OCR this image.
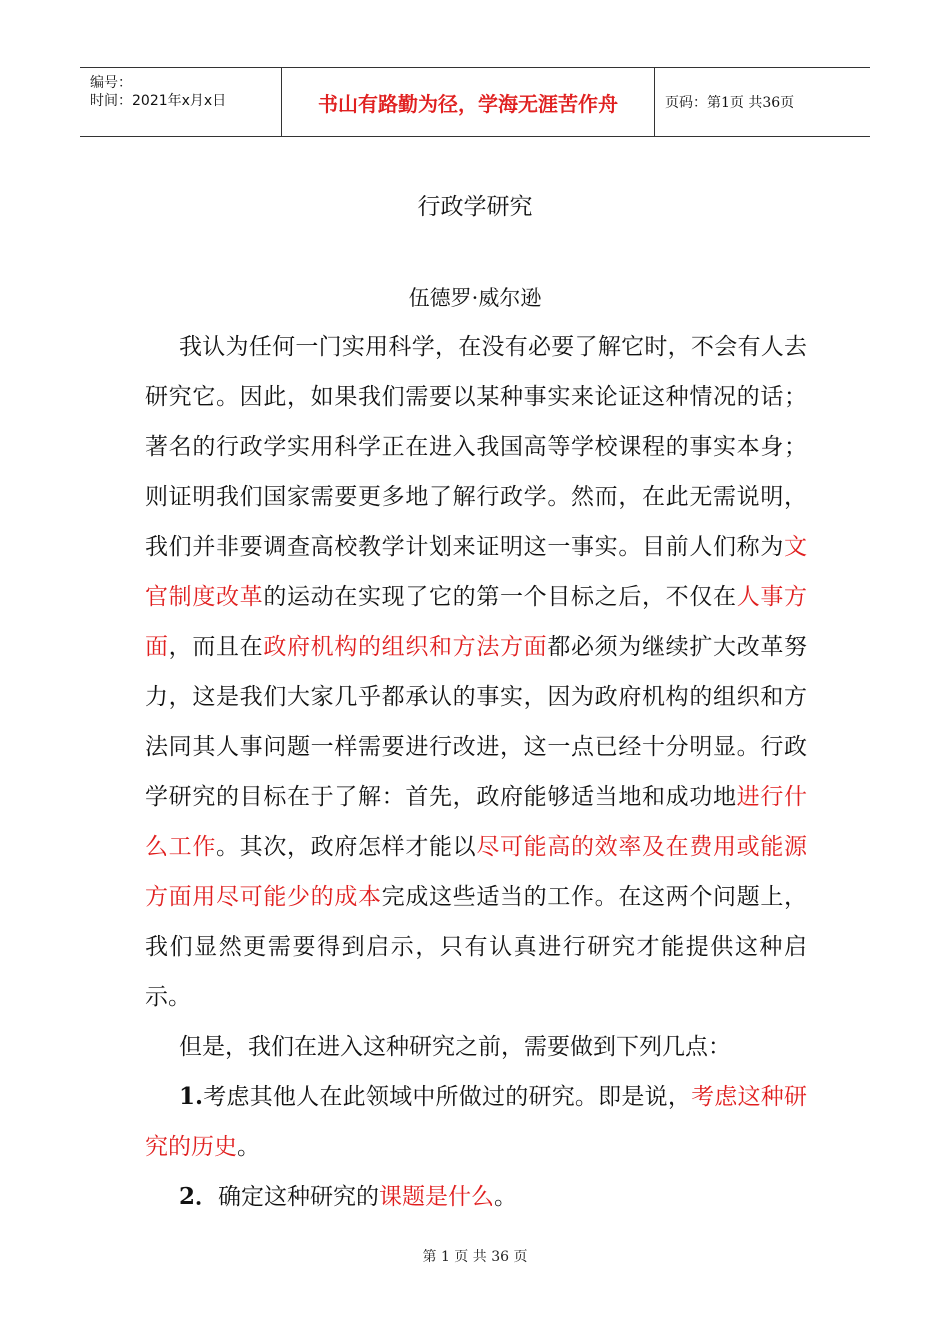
编号：
时间：2021年x月x日	书山有路勤为径，学海无涯苦作舟	页码：第1页 共36页
行政学研究
伍德罗·威尔逊

我认为任何一门实用科学，在没有必要了解它时，不会有人去研究它。因此，如果我们需要以某种事实来论证这种情况的话；著名的行政学实用科学正在进入我国高等学校课程的事实本身；则证明我们国家需要更多地了解行政学。然而，在此无需说明，我们并非要调查高校教学计划来证明这一事实。目前人们称为文官制度改革的运动在实现了它的第一个目标之后，不仅在人事方面，而且在政府机构的组织和方法方面都必须为继续扩大改革努力，这是我们大家几乎都承认的事实，因为政府机构的组织和方法同其人事问题一样需要进行改进，这一点已经十分明显。行政学研究的目标在于了解：首先，政府能够适当地和成功地进行什么工作。其次，政府怎样才能以尽可能高的效率及在费用或能源方面用尽可能少的成本完成这些适当的工作。在这两个问题上，我们显然更需要得到启示，只有认真进行研究才能提供这种启示。

但是，我们在进入这种研究之前，需要做到下列几点：

1.考虑其他人在此领域中所做过的研究。即是说，考虑这种研究的历史。

2．确定这种研究的课题是什么。

第 1 页 共 36 页
